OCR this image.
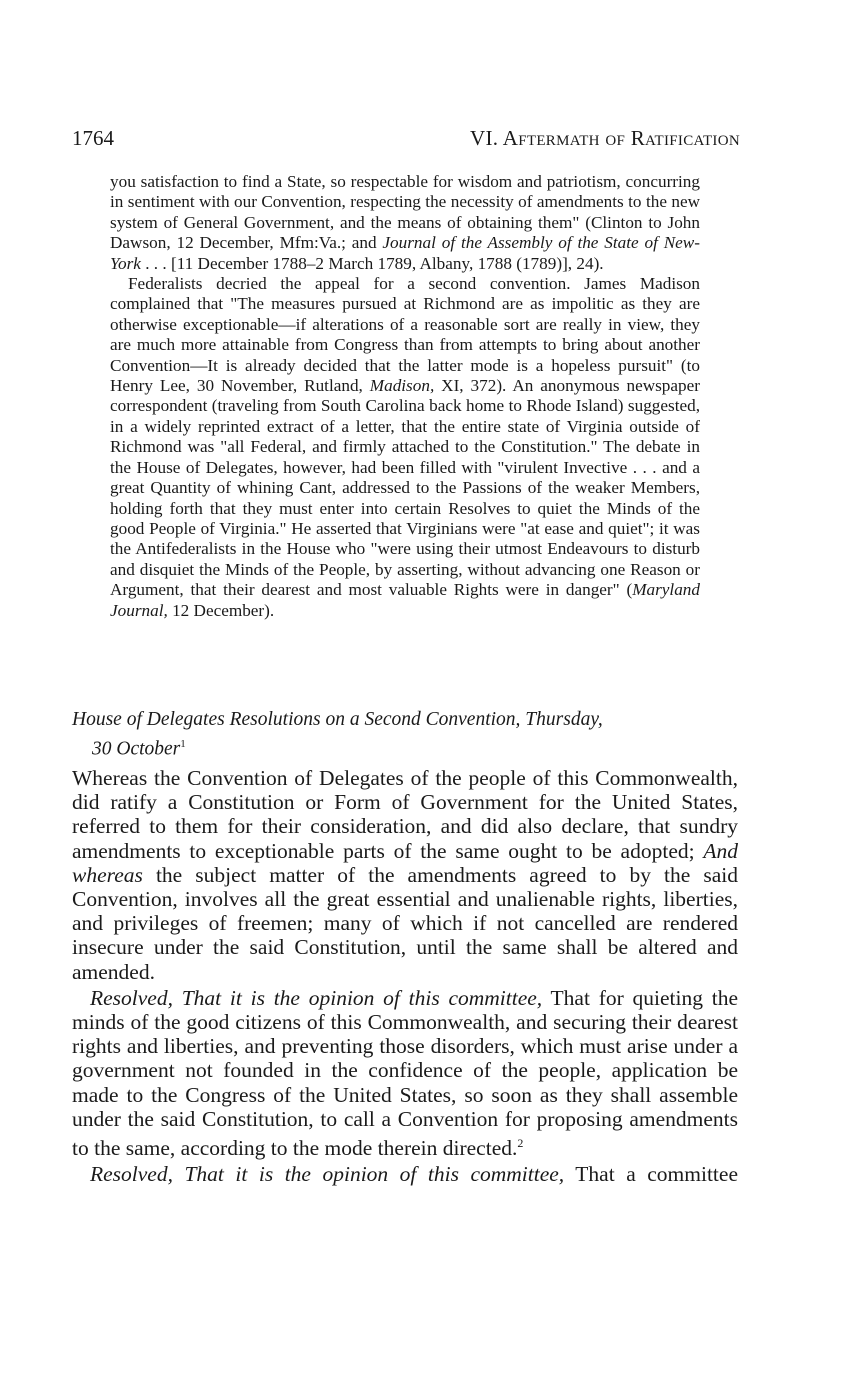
1764	VI. Aftermath of Ratification

you satisfaction to find a State, so respectable for wisdom and patriotism, concurring in sentiment with our Convention, respecting the necessity of amendments to the new system of General Government, and the means of obtaining them" (Clinton to John Dawson, 12 December, Mfm:Va.; and Journal of the Assembly of the State of New-York . . . [11 December 1788–2 March 1789, Albany, 1788 (1789)], 24).

Federalists decried the appeal for a second convention. James Madison complained that "The measures pursued at Richmond are as impolitic as they are otherwise exceptionable—if alterations of a reasonable sort are really in view, they are much more attainable from Congress than from attempts to bring about another Convention—It is already decided that the latter mode is a hopeless pursuit" (to Henry Lee, 30 November, Rutland, Madison, XI, 372). An anonymous newspaper correspondent (traveling from South Carolina back home to Rhode Island) suggested, in a widely reprinted extract of a letter, that the entire state of Virginia outside of Richmond was "all Federal, and firmly attached to the Constitution." The debate in the House of Delegates, however, had been filled with "virulent Invective . . . and a great Quantity of whining Cant, addressed to the Passions of the weaker Members, holding forth that they must enter into certain Resolves to quiet the Minds of the good People of Virginia." He asserted that Virginians were "at ease and quiet"; it was the Antifederalists in the House who "were using their utmost Endeavours to disturb and disquiet the Minds of the People, by asserting, without advancing one Reason or Argument, that their dearest and most valuable Rights were in danger" (Maryland Journal, 12 December).

House of Delegates Resolutions on a Second Convention, Thursday,
30 October$^1$

Whereas the Convention of Delegates of the people of this Commonwealth, did ratify a Constitution or Form of Government for the United States, referred to them for their consideration, and did also declare, that sundry amendments to exceptionable parts of the same ought to be adopted; And whereas the subject matter of the amendments agreed to by the said Convention, involves all the great essential and unalienable rights, liberties, and privileges of freemen; many of which if not cancelled are rendered insecure under the said Constitution, until the same shall be altered and amended.

Resolved, That it is the opinion of this committee, That for quieting the minds of the good citizens of this Commonwealth, and securing their dearest rights and liberties, and preventing those disorders, which must arise under a government not founded in the confidence of the people, application be made to the Congress of the United States, so soon as they shall assemble under the said Constitution, to call a Convention for proposing amendments to the same, according to the mode therein directed.$^2$

Resolved, That it is the opinion of this committee, That a committee
